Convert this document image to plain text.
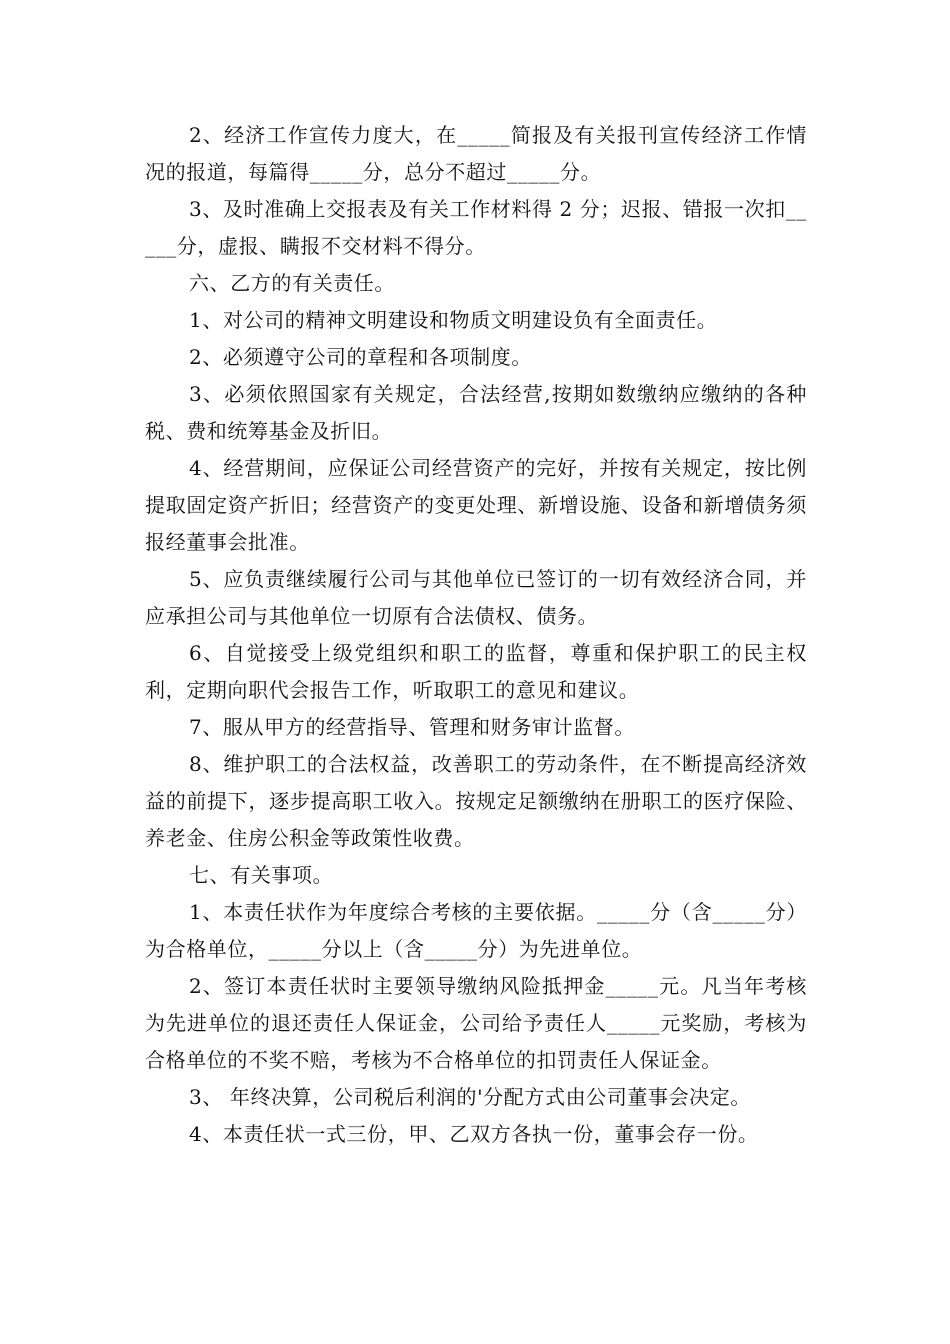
2、经济工作宣传力度大，在_____简报及有关报刊宣传经济工作情况的报道，每篇得_____分，总分不超过_____分。

3、及时准确上交报表及有关工作材料得 2 分；迟报、错报一次扣_____分，虚报、瞒报不交材料不得分。

六、乙方的有关责任。

1、对公司的精神文明建设和物质文明建设负有全面责任。

2、必须遵守公司的章程和各项制度。

3、必须依照国家有关规定，合法经营,按期如数缴纳应缴纳的各种税、费和统筹基金及折旧。

4、经营期间，应保证公司经营资产的完好，并按有关规定，按比例提取固定资产折旧；经营资产的变更处理、新增设施、设备和新增债务须报经董事会批准。

5、应负责继续履行公司与其他单位已签订的一切有效经济合同，并应承担公司与其他单位一切原有合法债权、债务。

6、自觉接受上级党组织和职工的监督，尊重和保护职工的民主权利，定期向职代会报告工作，听取职工的意见和建议。

7、服从甲方的经营指导、管理和财务审计监督。

8、维护职工的合法权益，改善职工的劳动条件，在不断提高经济效益的前提下，逐步提高职工收入。按规定足额缴纳在册职工的医疗保险、养老金、住房公积金等政策性收费。

七、有关事项。

1、本责任状作为年度综合考核的主要依据。_____分（含_____分）为合格单位，_____分以上（含_____分）为先进单位。

2、签订本责任状时主要领导缴纳风险抵押金_____元。凡当年考核为先进单位的退还责任人保证金，公司给予责任人_____元奖励，考核为合格单位的不奖不赔，考核为不合格单位的扣罚责任人保证金。

3、 年终决算，公司税后利润的'分配方式由公司董事会决定。

4、本责任状一式三份，甲、乙双方各执一份，董事会存一份。
